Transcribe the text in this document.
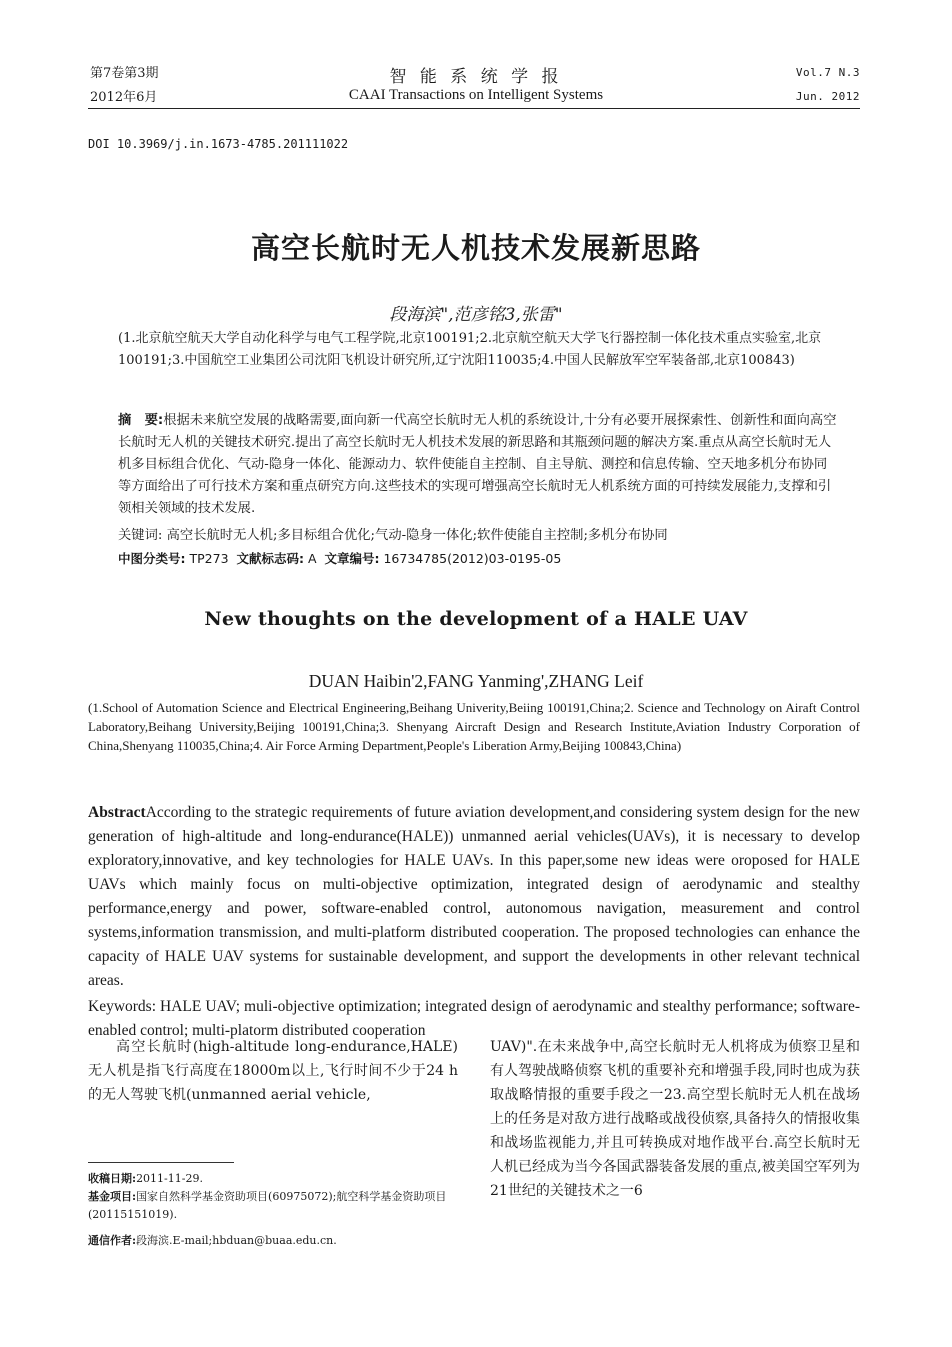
第7卷第3期
2012年6月
智 能 系 统 学 报
CAAI Transactions on Intelligent Systems
Vol.7 N.3
Jun. 2012
DOI 10.3969/j.in.1673-4785.201111022
高空长航时无人机技术发展新思路
段海滨",范彦铭3,张雷"
(1.北京航空航天大学自动化科学与电气工程学院,北京100191;2.北京航空航天大学飞行器控制一体化技术重点实验室,北京100191;3.中国航空工业集团公司沈阳飞机设计研究所,辽宁沈阳110035;4.中国人民解放军空军装备部,北京100843)

摘　要:根据未来航空发展的战略需要,面向新一代高空长航时无人机的系统设计,十分有必要开展探索性、创新性和面向高空长航时无人机的关键技术研究.提出了高空长航时无人机技术发展的新思路和其瓶颈问题的解决方案.重点从高空长航时无人机多目标组合优化、气动-隐身一体化、能源动力、软件使能自主控制、自主导航、测控和信息传输、空天地多机分布协同等方面给出了可行技术方案和重点研究方向.这些技术的实现可增强高空长航时无人机系统方面的可持续发展能力,支撑和引领相关领域的技术发展.

关键词: 高空长航时无人机;多目标组合优化;气动-隐身一体化;软件使能自主控制;多机分布协同
中图分类号: TP273 文献标志码: A 文章编号: 16734785(2012)03-0195-05
New thoughts on the development of a HALE UAV
DUAN Haibin'2,FANG Yanming',ZHANG Leif
(1.School of Automation Science and Electrical Engineering,Beihang Univerity,Beiing 100191,China;2. Science and Technology on Airaft Control Laboratory,Beihang University,Beijing 100191,China;3. Shenyang Aircraft Design and Research Institute,Aviation Industry Corporation of China,Shenyang 110035,China;4. Air Force Arming Department,People's Liberation Army,Beijing 100843,China)
AbstractAccording to the strategic requirements of future aviation development,and considering system design for the new generation of high-altitude and long-endurance(HALE)) unmanned aerial vehicles(UAVs), it is necessary to develop exploratory,innovative, and key technologies for HALE UAVs. In this paper,some new ideas were oroposed for HALE UAVs which mainly focus on multi-objective optimization, integrated design of aerodynamic and stealthy performance,energy and power, software-enabled control, autonomous navigation, measurement and control systems,information transmission, and multi-platform distributed cooperation. The proposed technologies can enhance the capacity of HALE UAV systems for sustainable development, and support the developments in other relevant technical areas.
Keywords: HALE UAV; muli-objective optimization; integrated design of aerodynamic and stealthy performance; software-enabled control; multi-platorm distributed cooperation
高空长航时(high-altitude long-endurance,HALE)无人机是指飞行高度在18000m以上,飞行时间不少于24 h的无人驾驶飞机(unmanned aerial vehicle,
UAV)".在未来战争中,高空长航时无人机将成为侦察卫星和有人驾驶战略侦察飞机的重要补充和增强手段,同时也成为获取战略情报的重要手段之一23.高空型长航时无人机在战场上的任务是对敌方进行战略或战役侦察,具备持久的情报收集和战场监视能力,并且可转换成对地作战平台.高空长航时无人机已经成为当今各国武器装备发展的重点,被美国空军列为21世纪的关键技术之一6
收稿日期:2011-11-29.
基金项目:国家自然科学基金资助项目(60975072);航空科学基金资助项目(20115151019).
通信作者:段海滨.E-mail;hbduan@buaa.edu.cn.
